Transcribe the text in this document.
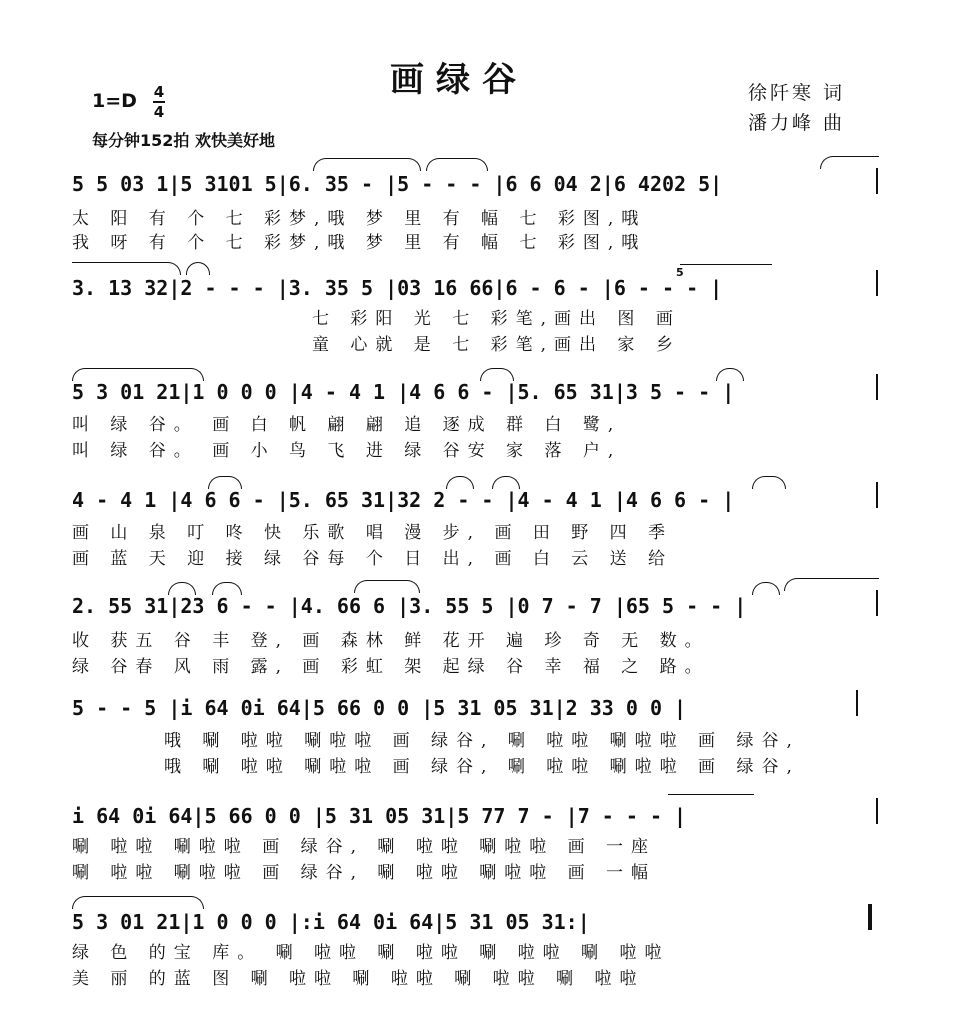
画绿谷	徐阡寒 词
潘力峰 曲
1=D 4
4
每分钟152拍 欢快美好地
5 5 03 1|5 3101 5|6. 35 - |5 - - - |6 6 04 2|6 4202 5|
太 阳 有 个 七 彩梦,哦 梦 里 有 幅 七 彩图,哦
我 呀 有 个 七 彩梦,哦 梦 里 有 幅 七 彩图,哦
3. 13 32|2 - - - |3. 35 5 |03 16 66|6 - 6 - |6 - - - |
七 彩阳 光 七 彩笔,画出 图 画
童 心就 是 七 彩笔,画出 家 乡
5
5 3 01 21|1 0 0 0 |4 - 4 1 |4 6 6 - |5. 65 31|3 5 - - |
叫 绿 谷。 画 白 帆 翩 翩 追 逐成 群 白 鹭,
叫 绿 谷。 画 小 鸟 飞 进 绿 谷安 家 落 户,
4 - 4 1 |4 6 6 - |5. 65 31|32 2 - - |4 - 4 1 |4 6 6 - |
画 山 泉 叮 咚 快 乐歌 唱 漫 步, 画 田 野 四 季
画 蓝 天 迎 接 绿 谷每 个 日 出, 画 白 云 送 给
2. 55 31|23 6 - - |4. 66 6 |3. 55 5 |0 7 - 7 |65 5 - - |
收 获五 谷 丰 登, 画 森林 鲜 花开 遍 珍 奇 无 数。
绿 谷春 风 雨 露, 画 彩虹 架 起绿 谷 幸 福 之 路。
5 - - 5 |i 64 0i 64|5 66 0 0 |5 31 05 31|2 33 0 0 |
哦 唰 啦啦 唰啦啦 画 绿谷, 唰 啦啦 唰啦啦 画 绿谷,
哦 唰 啦啦 唰啦啦 画 绿谷, 唰 啦啦 唰啦啦 画 绿谷,
i 64 0i 64|5 66 0 0 |5 31 05 31|5 77 7 - |7 - - - |
唰 啦啦 唰啦啦 画 绿谷, 唰 啦啦 唰啦啦 画 一座
唰 啦啦 唰啦啦 画 绿谷, 唰 啦啦 唰啦啦 画 一幅
5 3 01 21|1 0 0 0 |:i 64 0i 64|5 31 05 31:|
绿 色 的宝 库。 唰 啦啦 唰 啦啦 唰 啦啦 唰 啦啦
美 丽 的蓝 图 唰 啦啦 唰 啦啦 唰 啦啦 唰 啦啦
